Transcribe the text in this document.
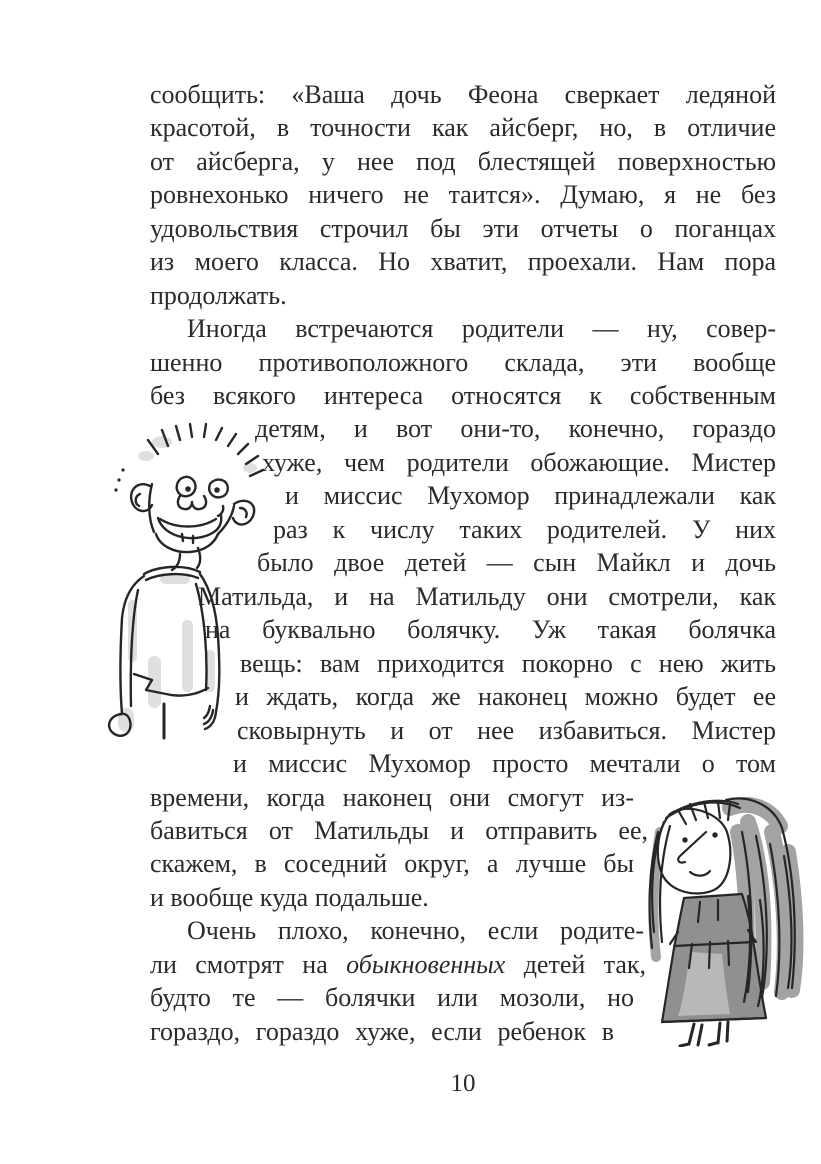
сообщить: «Ваша дочь Феона сверкает ледяной
красотой, в точности как айсберг, но, в отличие
от айсберга, у нее под блестящей поверхностью
ровнехонько ничего не таится». Думаю, я не без
удовольствия строчил бы эти отчеты о поганцах
из моего класса. Но хватит, проехали. Нам пора
продолжать.
Иногда встречаются родители — ну, совер-
шенно противоположного склада, эти вообще
без всякого интереса относятся к собственным
детям, и вот они-то, конечно, гораздо
хуже, чем родители обожающие. Мистер
и миссис Мухомор принадлежали как
раз к числу таких родителей. У них
было двое детей — сын Майкл и дочь
Матильда, и на Матильду они смотрели, как
на буквально болячку. Уж такая болячка
вещь: вам приходится покорно с нею жить
и ждать, когда же наконец можно будет ее
сковырнуть и от нее избавиться. Мистер
и миссис Мухомор просто мечтали о том
времени, когда наконец они смогут из-
бавиться от Матильды и отправить ее,
скажем, в соседний округ, а лучше бы
и вообще куда подальше.
Очень плохо, конечно, если родите-
ли смотрят на обыкновенных детей так,
будто те — болячки или мозоли, но
гораздо, гораздо хуже, если ребенок в
10
